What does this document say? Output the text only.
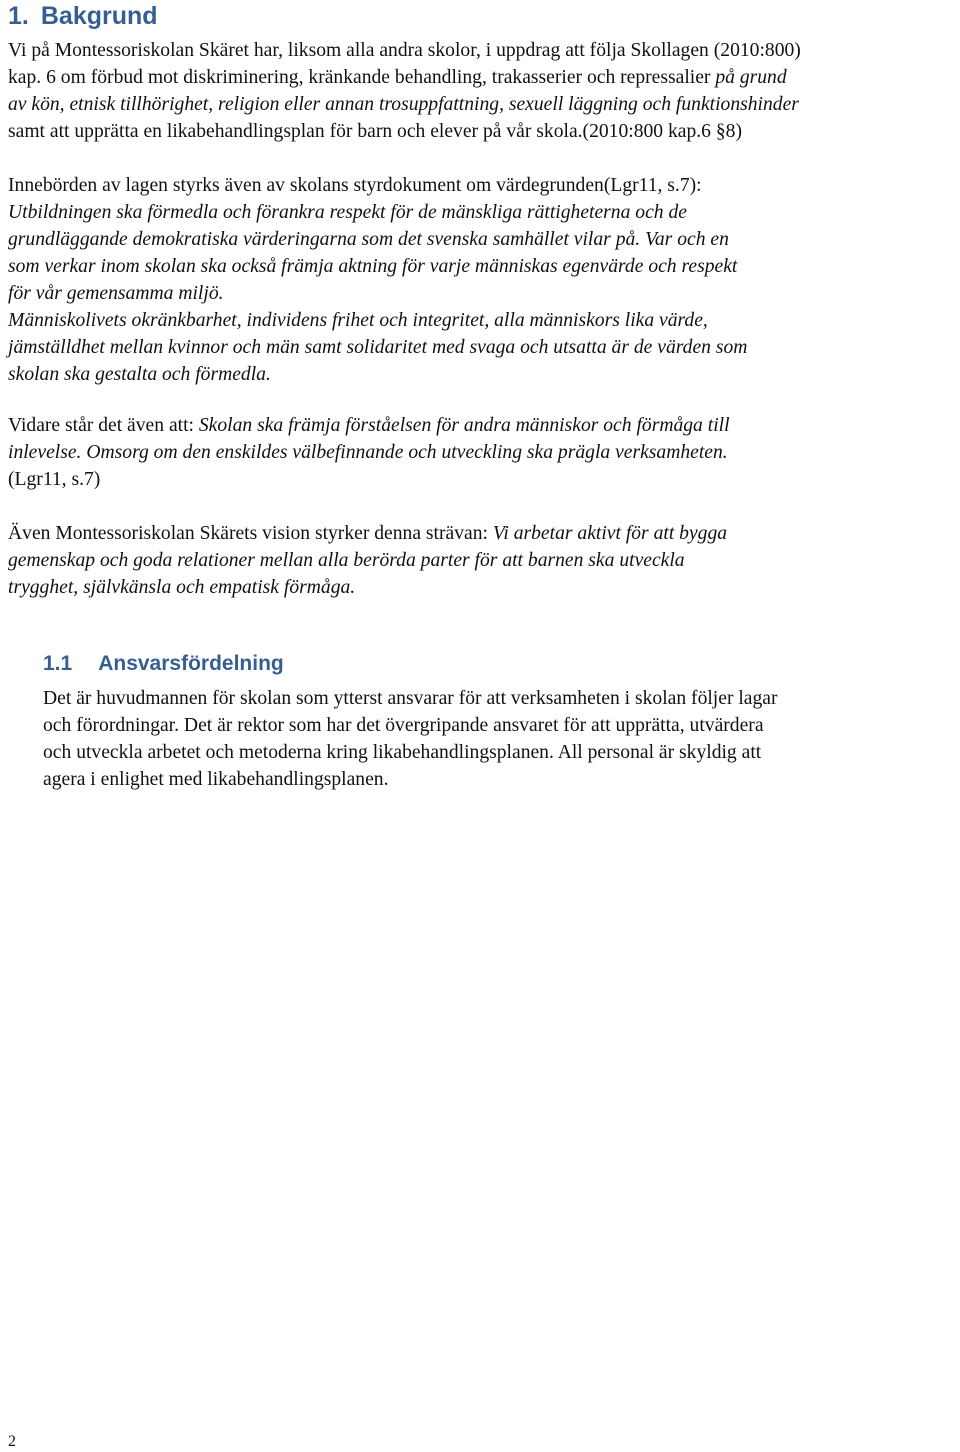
1. Bakgrund

Vi på Montessoriskolan Skäret har, liksom alla andra skolor, i uppdrag att följa Skollagen (2010:800)
kap. 6 om förbud mot diskriminering, kränkande behandling, trakasserier och repressalier på grund
av kön, etnisk tillhörighet, religion eller annan trosuppfattning, sexuell läggning och funktionshinder
samt att upprätta en likabehandlingsplan för barn och elever på vår skola.(2010:800 kap.6 §8)

Innebörden av lagen styrks även av skolans styrdokument om värdegrunden(Lgr11, s.7):
Utbildningen ska förmedla och förankra respekt för de mänskliga rättigheterna och de
grundläggande demokratiska värderingarna som det svenska samhället vilar på. Var och en
som verkar inom skolan ska också främja aktning för varje människas egenvärde och respekt
för vår gemensamma miljö.
Människolivets okränkbarhet, individens frihet och integritet, alla människors lika värde,
jämställdhet mellan kvinnor och män samt solidaritet med svaga och utsatta är de värden som
skolan ska gestalta och förmedla.

Vidare står det även att: Skolan ska främja förståelsen för andra människor och förmåga till
inlevelse. Omsorg om den enskildes välbefinnande och utveckling ska prägla verksamheten.
(Lgr11, s.7)

Även Montessoriskolan Skärets vision styrker denna strävan: Vi arbetar aktivt för att bygga
gemenskap och goda relationer mellan alla berörda parter för att barnen ska utveckla
trygghet, självkänsla och empatisk förmåga.

1.1 Ansvarsfördelning

Det är huvudmannen för skolan som ytterst ansvarar för att verksamheten i skolan följer lagar
och förordningar. Det är rektor som har det övergripande ansvaret för att upprätta, utvärdera
och utveckla arbetet och metoderna kring likabehandlingsplanen. All personal är skyldig att
agera i enlighet med likabehandlingsplanen.

2
